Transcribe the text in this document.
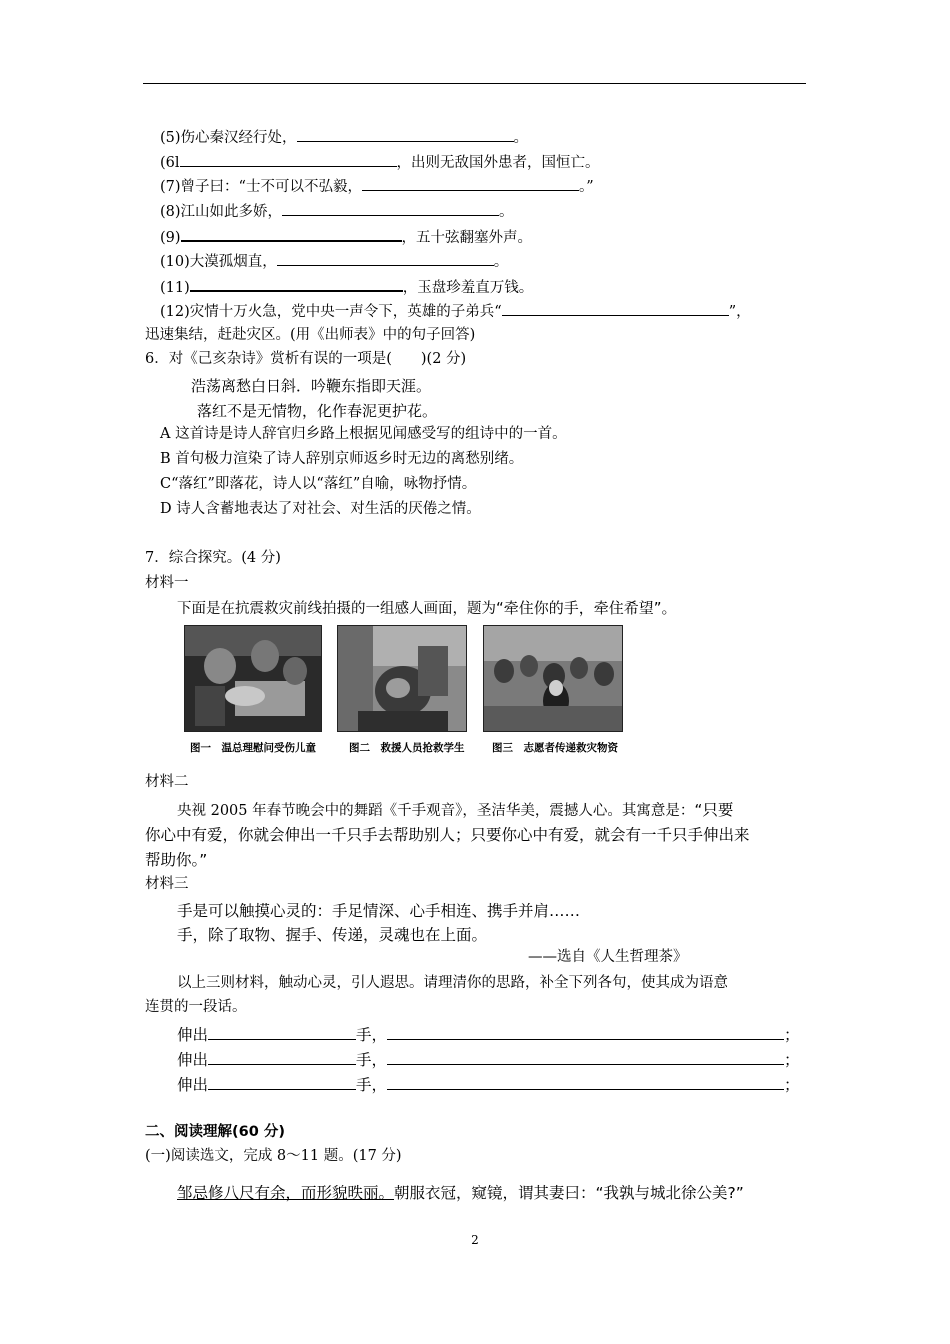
(5)伤心秦汉经行处，	。
(6l	，出则无敌国外患者，国恒亡。
(7)曾子曰：“士不可以不弘毅，	。”
(8)江山如此多娇，	。
(9)	，五十弦翻塞外声。
(10)大漠孤烟直，	。
(11)	，玉盘珍羞直万钱。
(12)灾情十万火急，党中央一声令下，英雄的子弟兵“	”，
迅速集结，赶赴灾区。(用《出师表》中的句子回答)
6．对《己亥杂诗》赏析有误的一项是(　　)(2 分)
浩荡离愁白日斜．吟鞭东指即天涯。
落红不是无情物，化作春泥更护花。
A 这首诗是诗人辞官归乡路上根据见闻感受写的组诗中的一首。
B 首句极力渲染了诗人辞别京师返乡时无边的离愁别绪。
C“落红”即落花，诗人以“落红”自喻，咏物抒情。
D 诗人含蓄地表达了对社会、对生活的厌倦之情。
7．综合探究。(4 分)
材料一
下面是在抗震救灾前线拍摄的一组感人画面，题为“牵住你的手，牵住希望”。
图一　温总理慰问受伤儿童	图二　救援人员抢救学生	图三　志愿者传递救灾物资
材料二
央视 2005 年春节晚会中的舞蹈《千手观音》，圣洁华美，震撼人心。其寓意是：“只要
你心中有爱，你就会伸出一千只手去帮助别人；只要你心中有爱，就会有一千只手伸出来
帮助你。”
材料三
手是可以触摸心灵的：手足情深、心手相连、携手并肩……
手，除了取物、握手、传递，灵魂也在上面。
——选自《人生哲理茶》
以上三则材料，触动心灵，引人遐思。请理清你的思路，补全下列各句，使其成为语意
连贯的一段话。
伸出	手，	；
伸出	手，	；
伸出	手，	；
二、阅读理解(60 分)
(一)阅读选文，完成 8～11 题。(17 分)
邹忌修八尺有余，而形貌昳丽。朝服衣冠，窥镜，谓其妻曰：“我孰与城北徐公美?”
2
